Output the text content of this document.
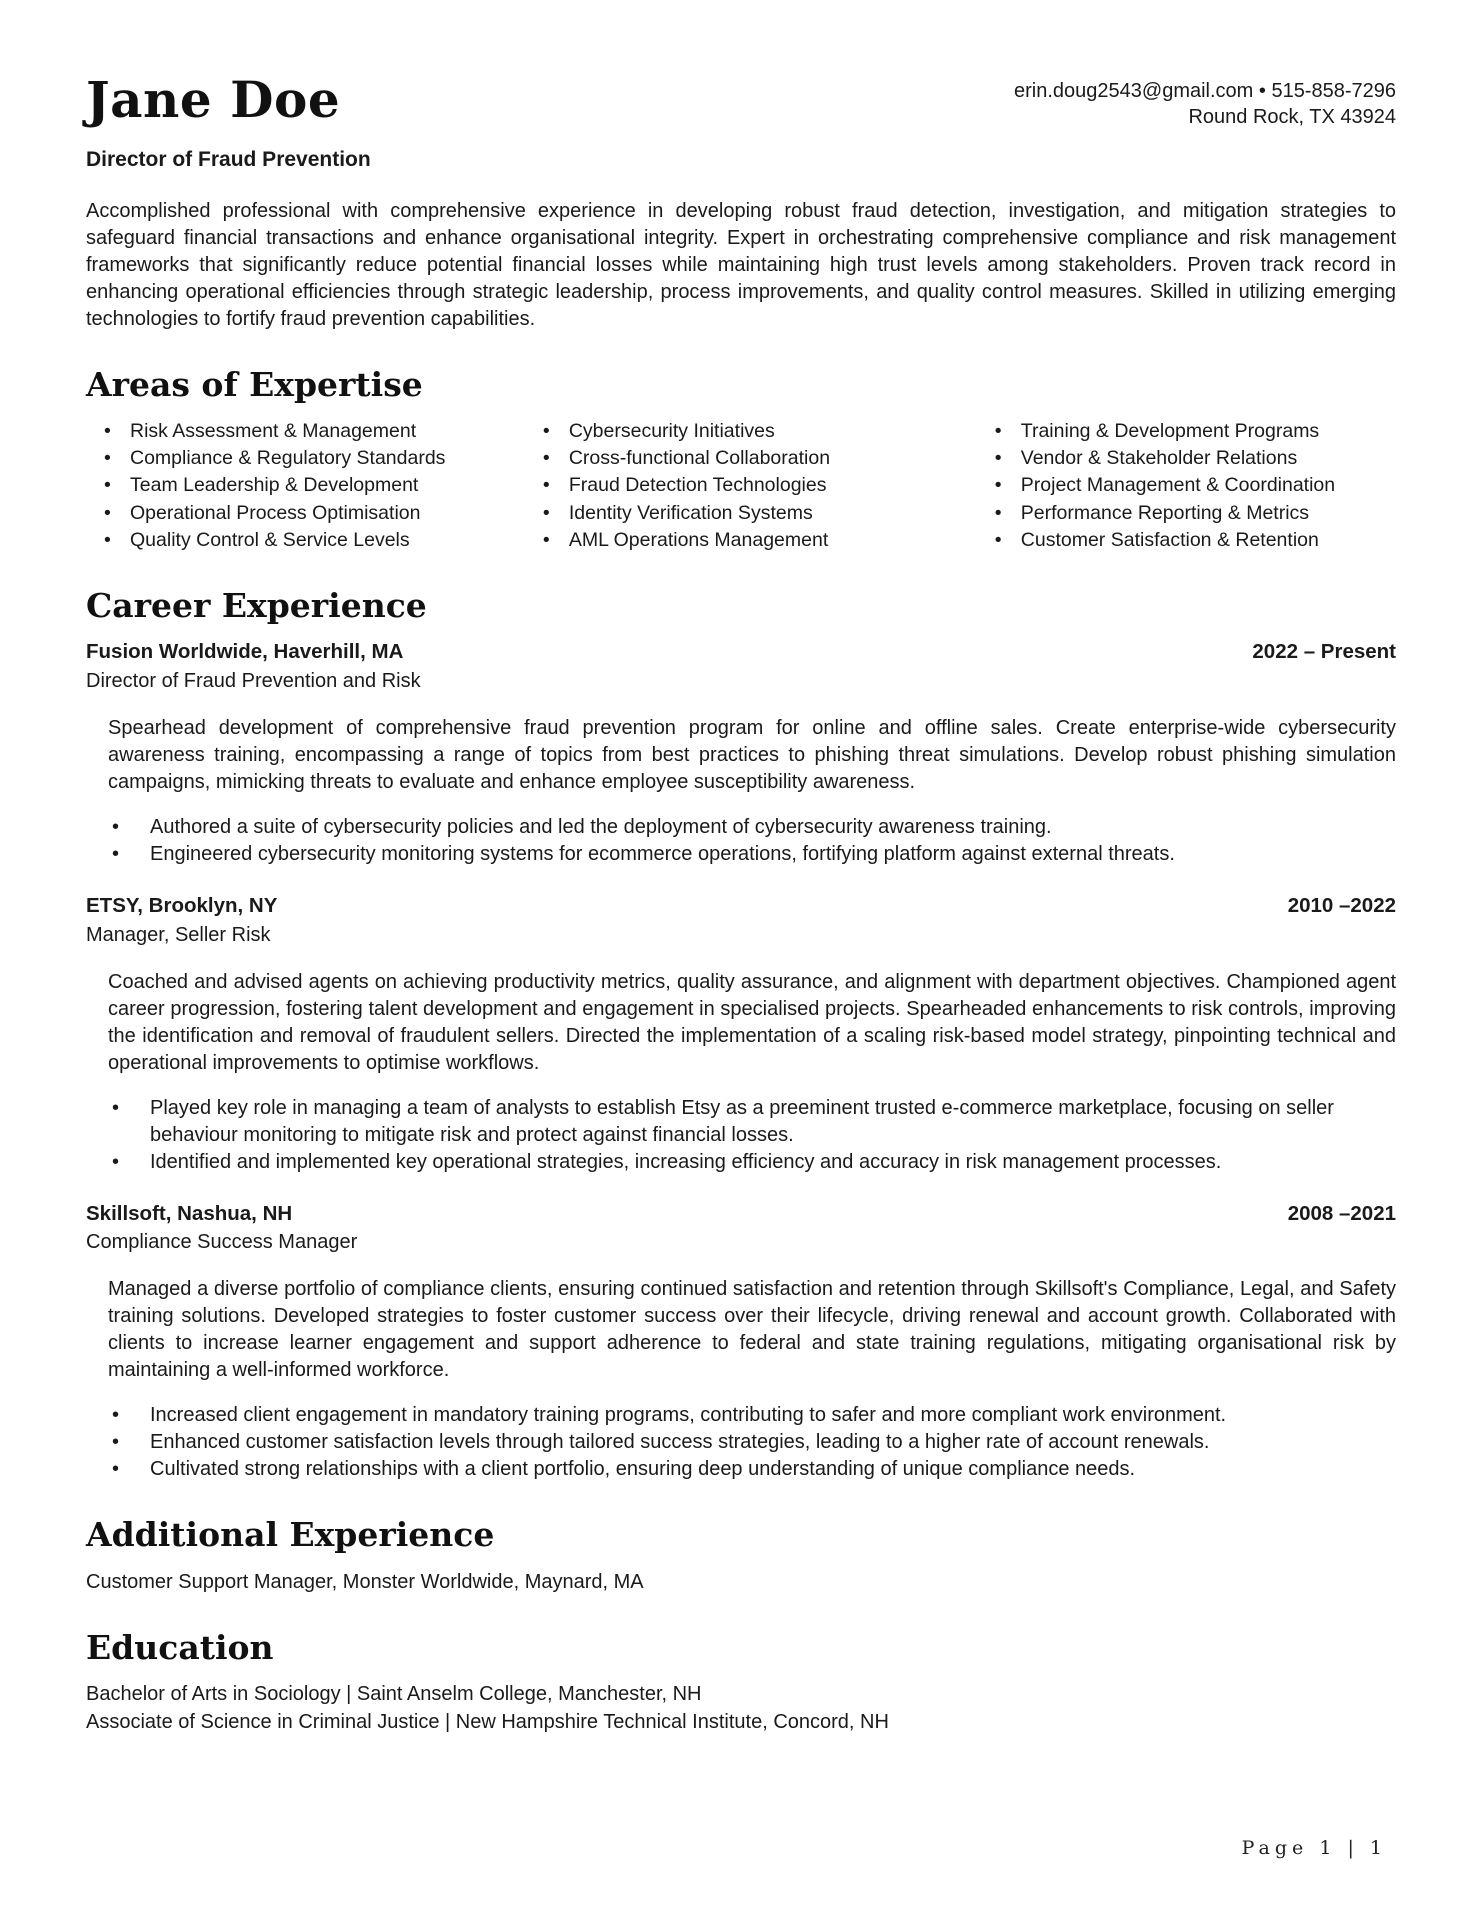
Jane Doe	erin.doug2543@gmail.com • 515-858-7296
Round Rock, TX 43924
Director of Fraud Prevention

Accomplished professional with comprehensive experience in developing robust fraud detection, investigation, and mitigation strategies to safeguard financial transactions and enhance organisational integrity. Expert in orchestrating comprehensive compliance and risk management frameworks that significantly reduce potential financial losses while maintaining high trust levels among stakeholders. Proven track record in enhancing operational efficiencies through strategic leadership, process improvements, and quality control measures. Skilled in utilizing emerging technologies to fortify fraud prevention capabilities.

Areas of Expertise
• Risk Assessment & Management
• Compliance & Regulatory Standards
• Team Leadership & Development
• Operational Process Optimisation
• Quality Control & Service Levels
• Cybersecurity Initiatives
• Cross-functional Collaboration
• Fraud Detection Technologies
• Identity Verification Systems
• AML Operations Management
• Training & Development Programs
• Vendor & Stakeholder Relations
• Project Management & Coordination
• Performance Reporting & Metrics
• Customer Satisfaction & Retention
Career Experience
Fusion Worldwide, Haverhill, MA	2022 – Present
Director of Fraud Prevention and Risk

Spearhead development of comprehensive fraud prevention program for online and offline sales. Create enterprise-wide cybersecurity awareness training, encompassing a range of topics from best practices to phishing threat simulations. Develop robust phishing simulation campaigns, mimicking threats to evaluate and enhance employee susceptibility awareness.

• Authored a suite of cybersecurity policies and led the deployment of cybersecurity awareness training.
• Engineered cybersecurity monitoring systems for ecommerce operations, fortifying platform against external threats.
ETSY, Brooklyn, NY	2010 –2022
Manager, Seller Risk

Coached and advised agents on achieving productivity metrics, quality assurance, and alignment with department objectives. Championed agent career progression, fostering talent development and engagement in specialised projects. Spearheaded enhancements to risk controls, improving the identification and removal of fraudulent sellers. Directed the implementation of a scaling risk-based model strategy, pinpointing technical and operational improvements to optimise workflows.

• Played key role in managing a team of analysts to establish Etsy as a preeminent trusted e-commerce marketplace, focusing on seller behaviour monitoring to mitigate risk and protect against financial losses.
• Identified and implemented key operational strategies, increasing efficiency and accuracy in risk management processes.
Skillsoft, Nashua, NH	2008 –2021
Compliance Success Manager

Managed a diverse portfolio of compliance clients, ensuring continued satisfaction and retention through Skillsoft's Compliance, Legal, and Safety training solutions. Developed strategies to foster customer success over their lifecycle, driving renewal and account growth. Collaborated with clients to increase learner engagement and support adherence to federal and state training regulations, mitigating organisational risk by maintaining a well-informed workforce.

• Increased client engagement in mandatory training programs, contributing to safer and more compliant work environment.
• Enhanced customer satisfaction levels through tailored success strategies, leading to a higher rate of account renewals.
• Cultivated strong relationships with a client portfolio, ensuring deep understanding of unique compliance needs.
Additional Experience

Customer Support Manager, Monster Worldwide, Maynard, MA

Education

Bachelor of Arts in Sociology | Saint Anselm College, Manchester, NH

Associate of Science in Criminal Justice | New Hampshire Technical Institute, Concord, NH

Page 1 | 1
